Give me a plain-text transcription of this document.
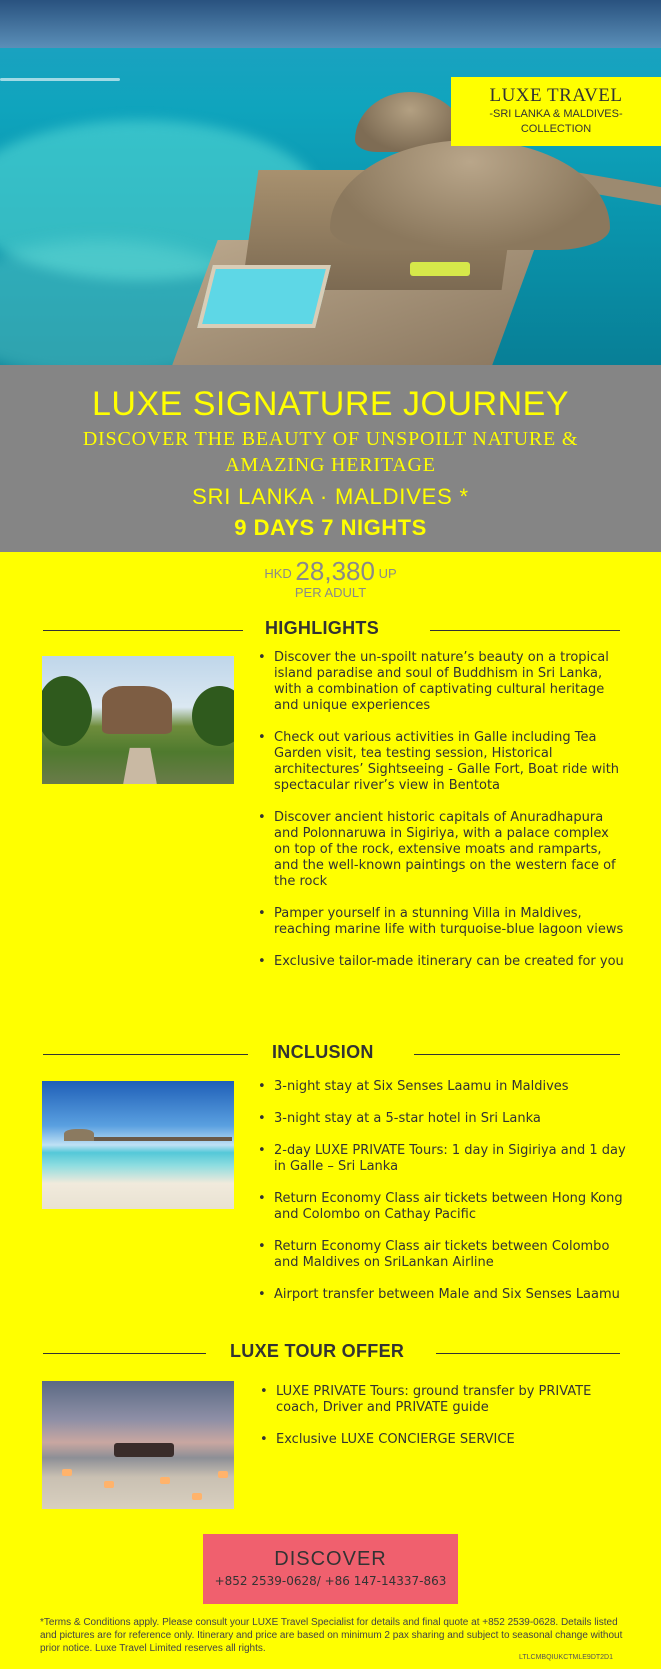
LUXE TRAVEL
-SRI LANKA & MALDIVES-
COLLECTION
LUXE SIGNATURE JOURNEY
DISCOVER THE BEAUTY OF UNSPOILT NATURE & AMAZING HERITAGE
SRI LANKA · MALDIVES *
9 DAYS 7 NIGHTS
HKD 28,380 UP
PER ADULT
HIGHLIGHTS
• Discover the un-spoilt nature’s beauty on a tropical island paradise and soul of Buddhism in Sri Lanka, with a combination of captivating cultural heritage and unique experiences
• Check out various activities in Galle including Tea Garden visit, tea testing session, Historical architectures’ Sightseeing - Galle Fort, Boat ride with spectacular river’s view in Bentota
• Discover ancient historic capitals of Anuradhapura and Polonnaruwa in Sigiriya, with a palace complex on top of the rock, extensive moats and ramparts, and the well-known paintings on the western face of the rock
• Pamper yourself in a stunning Villa in Maldives, reaching marine life with turquoise-blue lagoon views
• Exclusive tailor-made itinerary can be created for you
INCLUSION
• 3-night stay at Six Senses Laamu in Maldives
• 3-night stay at a 5-star hotel in Sri Lanka
• 2-day LUXE PRIVATE Tours: 1 day in Sigiriya and 1 day in Galle – Sri Lanka
• Return Economy Class air tickets between Hong Kong and Colombo on Cathay Pacific
• Return Economy Class air tickets between Colombo and Maldives on SriLankan Airline
• Airport transfer between Male and Six Senses Laamu
LUXE TOUR OFFER
• LUXE PRIVATE Tours: ground transfer by PRIVATE coach, Driver and PRIVATE guide
• Exclusive LUXE CONCIERGE SERVICE
DISCOVER
+852 2539-0628/ +86 147-14337-863
*Terms & Conditions apply. Please consult your LUXE Travel Specialist for details and final quote at +852 2539-0628. Details listed and pictures are for reference only. Itinerary and price are based on minimum 2 pax sharing and subject to seasonal change without prior notice. Luxe Travel Limited reserves all rights.
LTLCMBQIUKCTMLE9DT2D1
